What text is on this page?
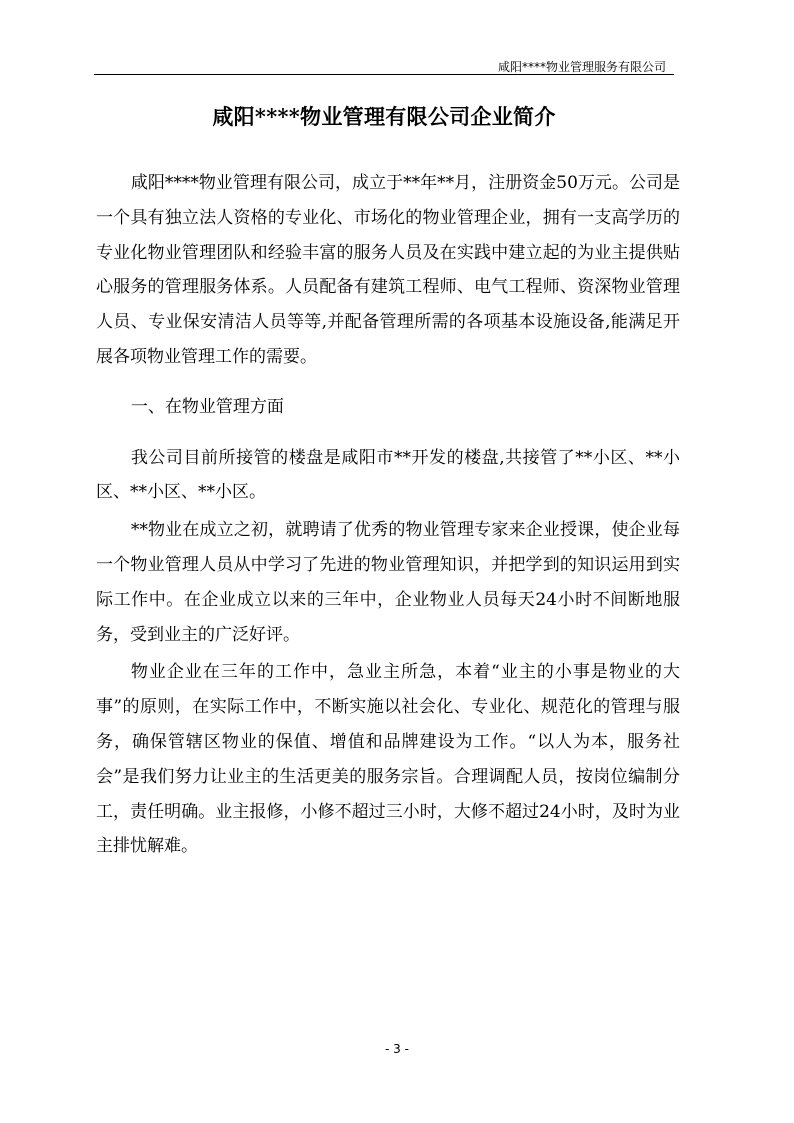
咸阳****物业管理服务有限公司
咸阳****物业管理有限公司企业简介

咸阳****物业管理有限公司，成立于**年**月，注册资金50万元。公司是一个具有独立法人资格的专业化、市场化的物业管理企业，拥有一支高学历的专业化物业管理团队和经验丰富的服务人员及在实践中建立起的为业主提供贴心服务的管理服务体系。人员配备有建筑工程师、电气工程师、资深物业管理人员、专业保安清洁人员等等,并配备管理所需的各项基本设施设备,能满足开展各项物业管理工作的需要。

一、在物业管理方面

我公司目前所接管的楼盘是咸阳市**开发的楼盘,共接管了**小区、**小区、**小区、**小区。

**物业在成立之初，就聘请了优秀的物业管理专家来企业授课，使企业每一个物业管理人员从中学习了先进的物业管理知识，并把学到的知识运用到实际工作中。在企业成立以来的三年中，企业物业人员每天24小时不间断地服务，受到业主的广泛好评。

物业企业在三年的工作中，急业主所急，本着“业主的小事是物业的大事”的原则，在实际工作中，不断实施以社会化、专业化、规范化的管理与服务，确保管辖区物业的保值、增值和品牌建设为工作。“以人为本，服务社会”是我们努力让业主的生活更美的服务宗旨。合理调配人员，按岗位编制分工，责任明确。业主报修，小修不超过三小时，大修不超过24小时，及时为业主排忧解难。

- 3 -
